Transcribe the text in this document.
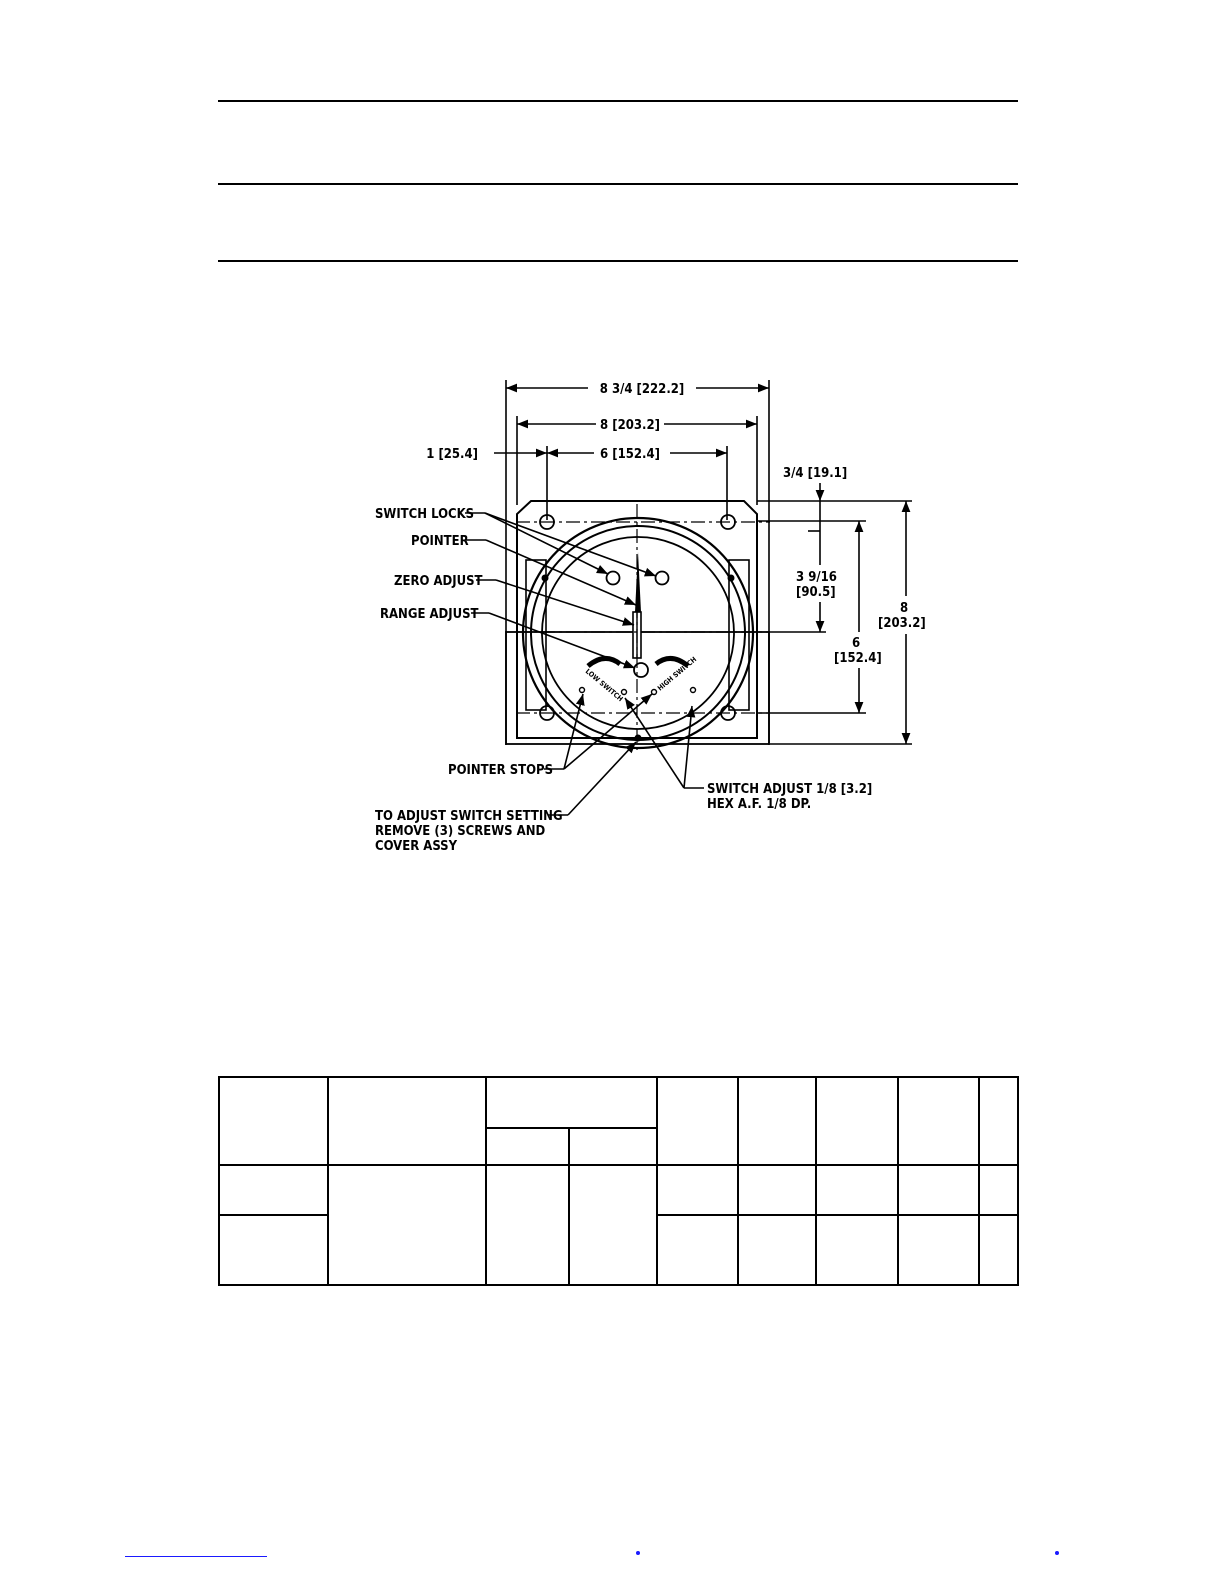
8 3/4 [222.2]
8 [203.2]
6 [152.4]
1 [25.4]
3/4 [19.1]
3 9/16
[90.5]
6
[152.4]
8
[203.2]
SWITCH LOCKS
POINTER
ZERO ADJUST
RANGE ADJUST
POINTER STOPS
TO ADJUST SWITCH SETTING
REMOVE (3) SCREWS AND
COVER ASSY
SWITCH ADJUST 1/8 [3.2]
HEX A.F. 1/8 DP.
LOW SWITCH	HIGH SWITCH
